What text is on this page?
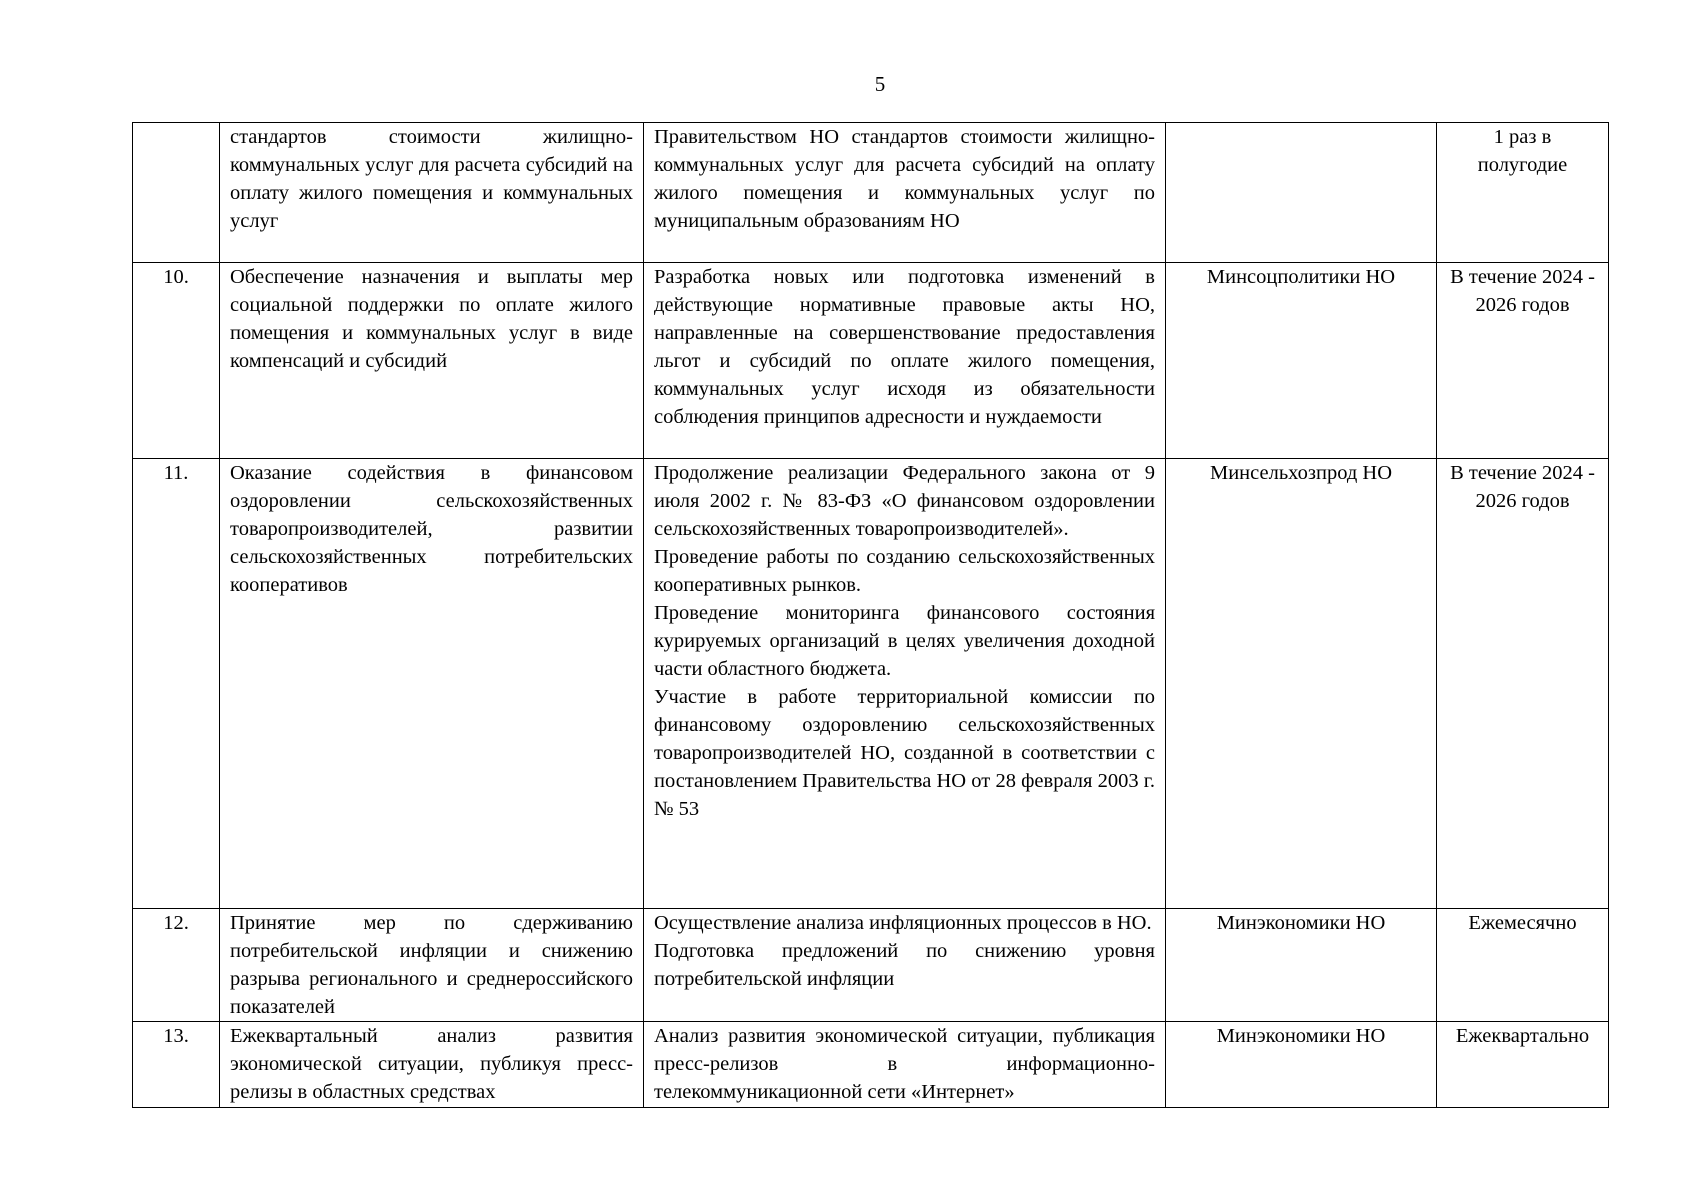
5
	стандартов стоимости жилищно-коммунальных услуг для расчета субсидий на оплату жилого помещения и коммунальных услуг	Правительством НО стандартов стоимости жилищно-коммунальных услуг для расчета субсидий на оплату жилого помещения и коммунальных услуг по муниципальным образованиям НО		1 раз в полугодие
10.	Обеспечение назначения и выплаты мер социальной поддержки по оплате жилого помещения и коммунальных услуг в виде компенсаций и субсидий	Разработка новых или подготовка изменений в действующие нормативные правовые акты НО, направленные на совершенствование предоставления льгот и субсидий по оплате жилого помещения, коммунальных услуг исходя из обязательности соблюдения принципов адресности и нуждаемости	Минсоцполитики НО	В течение 2024 - 2026 годов
11.	Оказание содействия в финансовом оздоровлении сельскохозяйственных товаропроизводителей, развитии сельскохозяйственных потребительских кооперативов	Продолжение реализации Федерального закона от 9 июля 2002 г. № 83-ФЗ «О финансовом оздоровлении сельскохозяйственных товаропроизводителей».
Проведение работы по созданию сельскохозяйственных кооперативных рынков.
Проведение мониторинга финансового состояния курируемых организаций в целях увеличения доходной части областного бюджета.
Участие в работе территориальной комиссии по финансовому оздоровлению сельскохозяйственных товаропроизводителей НО, созданной в соответствии с постановлением Правительства НО от 28 февраля 2003 г. № 53	Минсельхозпрод НО	В течение 2024 - 2026 годов
12.	Принятие мер по сдерживанию потребительской инфляции и снижению разрыва регионального и среднероссийского показателей	Осуществление анализа инфляционных процессов в НО.
Подготовка предложений по снижению уровня потребительской инфляции	Минэкономики НО	Ежемесячно
13.	Ежеквартальный анализ развития экономической ситуации, публикуя пресс-релизы в областных средствах	Анализ развития экономической ситуации, публикация пресс-релизов в информационно-телекоммуникационной сети «Интернет»	Минэкономики НО	Ежеквартально
